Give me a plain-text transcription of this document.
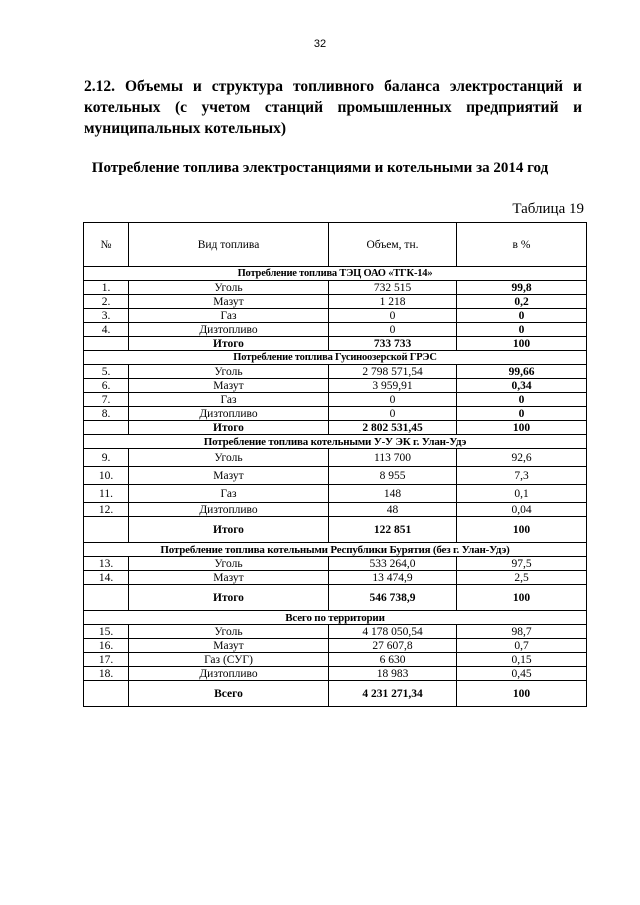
32
2.12. Объемы и структура топливного баланса электростанций и
котельных (с учетом станций промышленных предприятий и
муниципальных котельных)
Потребление топлива электростанциями и котельными за 2014 год
Таблица 19
№	Вид топлива	Объем, тн.	в %
Потребление топлива ТЭЦ ОАО «ТГК-14»			
1.	Уголь	732 515	99,8
2.	Мазут	1 218	0,2
3.	Газ	0	0
4.	Дизтопливо	0	0
	Итого	733 733	100
Потребление топлива Гусиноозерской ГРЭС			
5.	Уголь	2 798 571,54	99,66
6.	Мазут	3 959,91	0,34
7.	Газ	0	0
8.	Дизтопливо	0	0
	Итого	2 802 531,45	100
Потребление топлива котельными У-У ЭК г. Улан-Удэ			
9.	Уголь	113 700	92,6
10.	Мазут	8 955	7,3
11.	Газ	148	0,1
12.	Дизтопливо	48	0,04
	Итого	122 851	100
Потребление топлива котельными Республики Бурятия (без г. Улан-Удэ)			
13.	Уголь	533 264,0	97,5
14.	Мазут	13 474,9	2,5
	Итого	546 738,9	100
Всего по территории			
15.	Уголь	4 178 050,54	98,7
16.	Мазут	27 607,8	0,7
17.	Газ (СУГ)	6 630	0,15
18.	Дизтопливо	18 983	0,45
	Всего	4 231 271,34	100
